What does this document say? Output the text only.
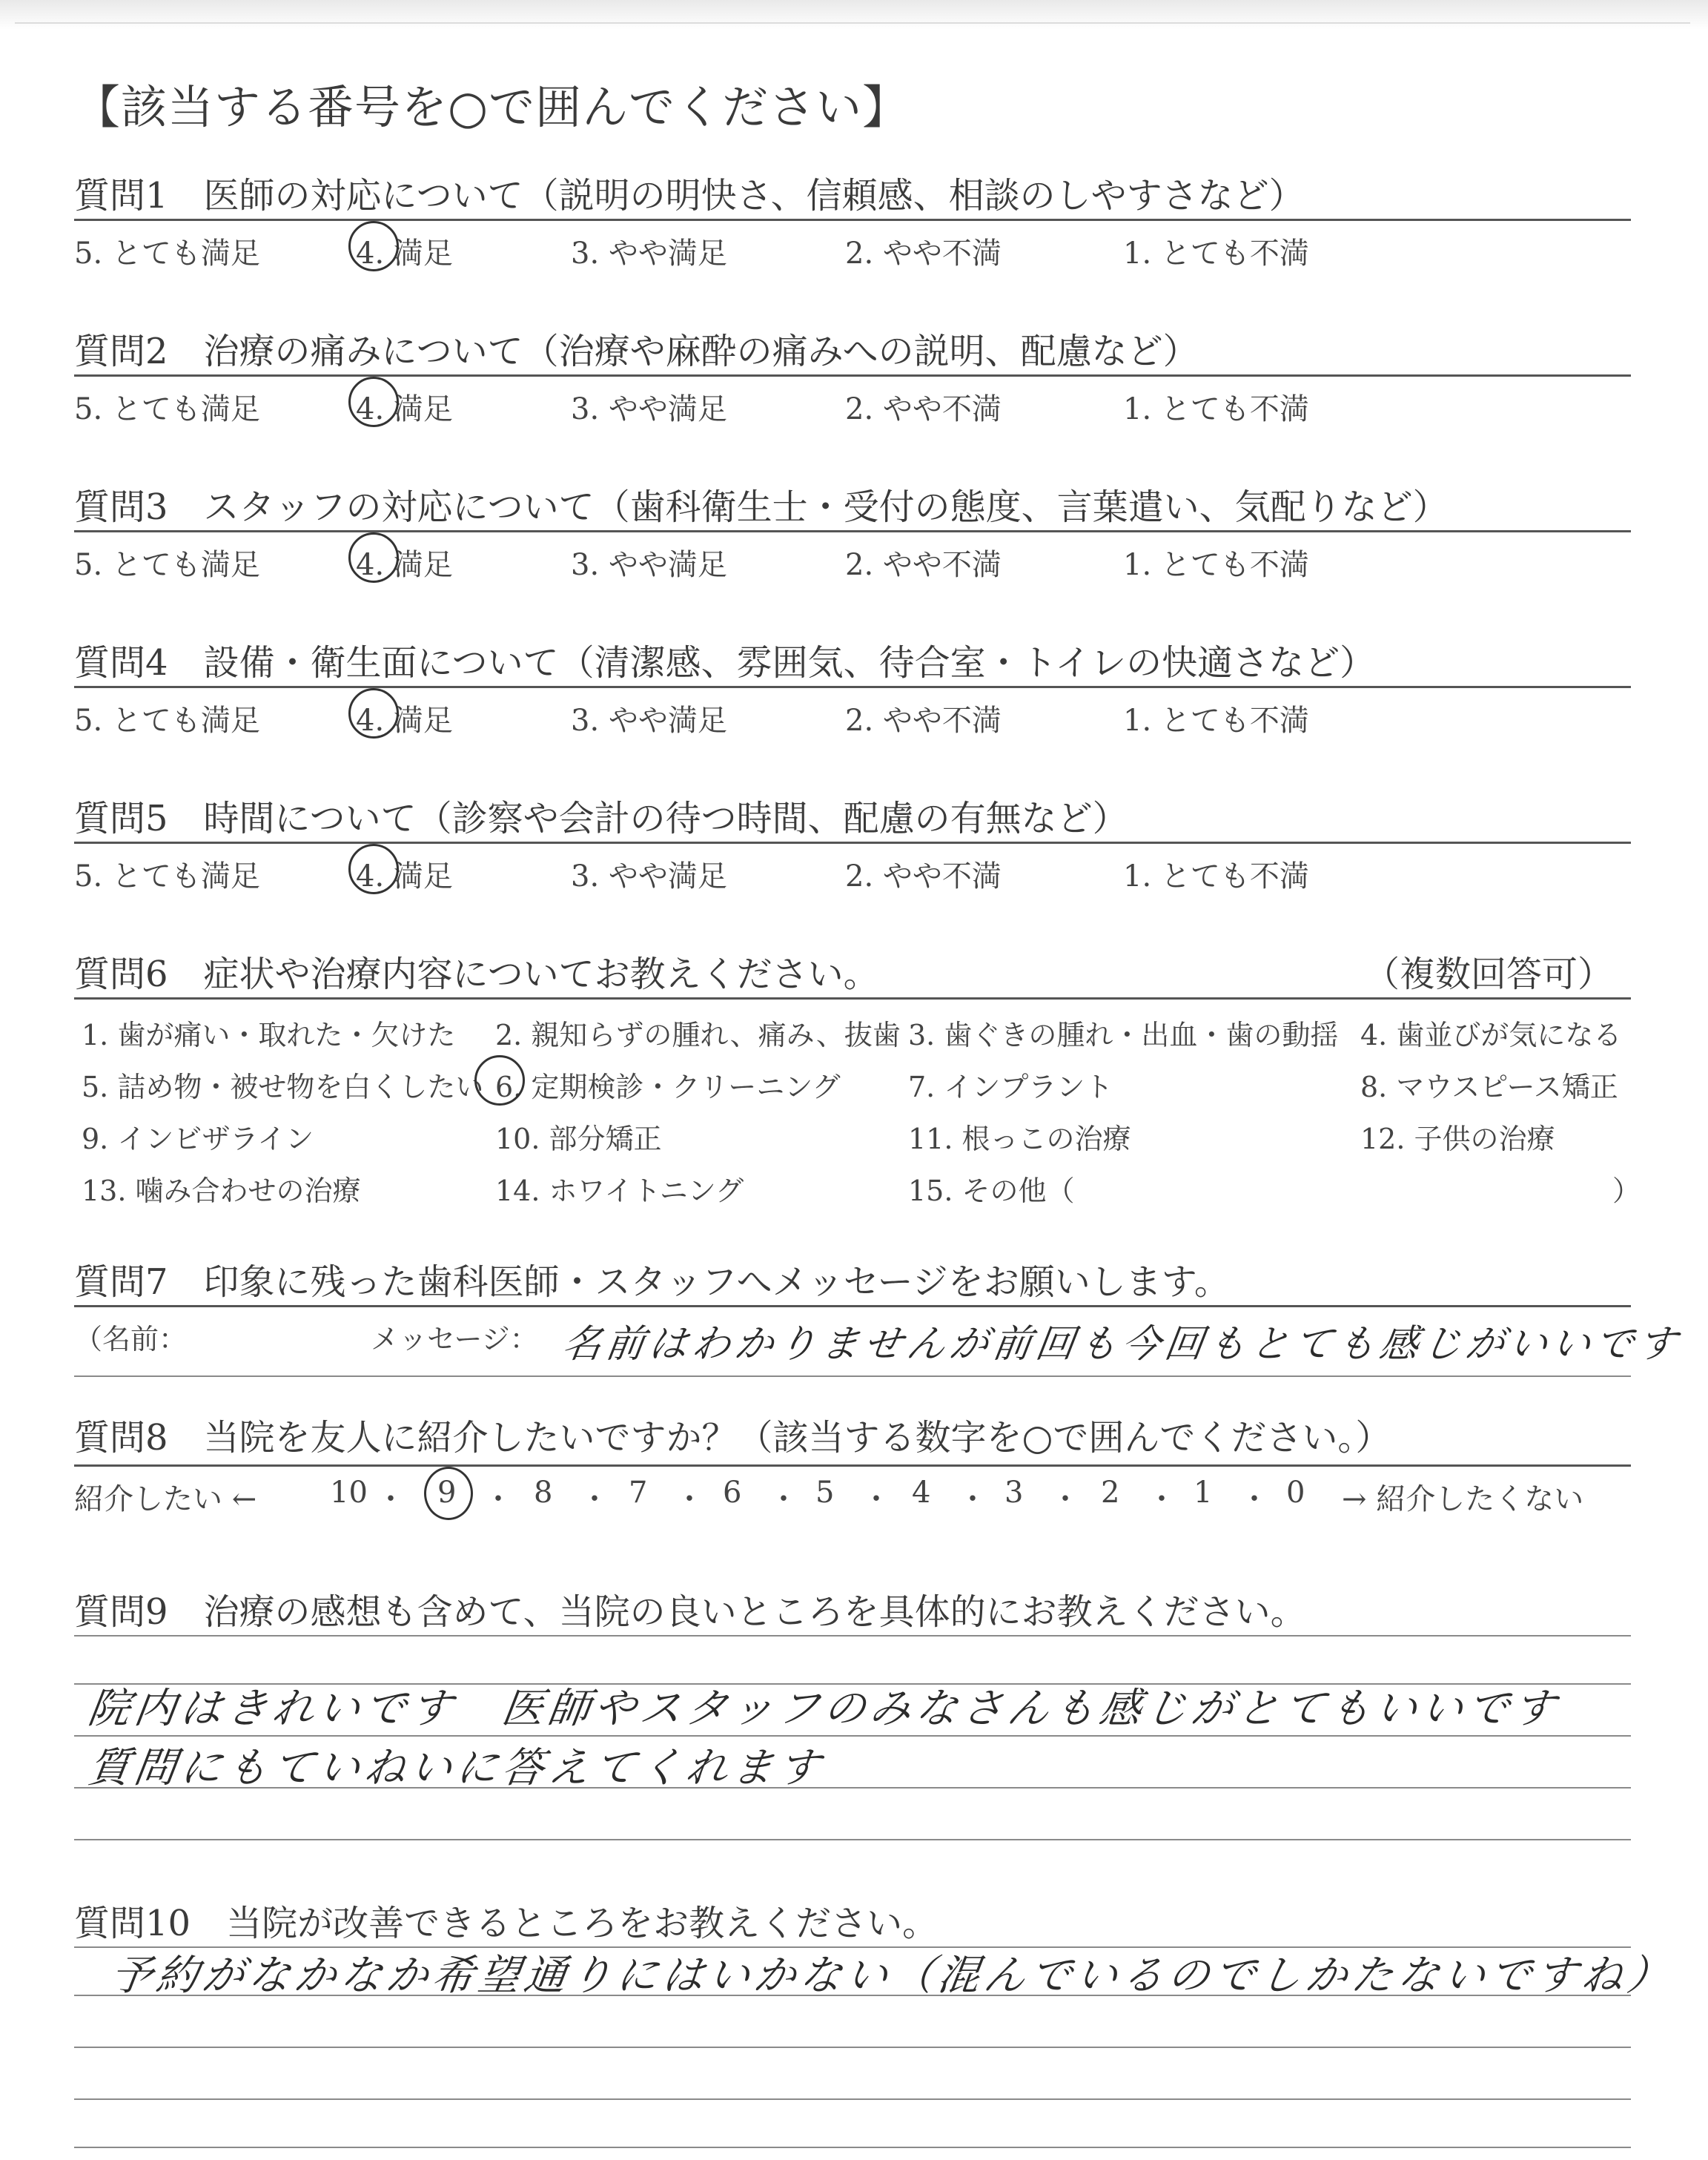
【該当する番号を○で囲んでください】
質問1　医師の対応について（説明の明快さ、信頼感、相談のしやすさなど）
5. とても満足	4. 満足	3. やや満足	2. やや不満	1. とても不満
質問2　治療の痛みについて（治療や麻酔の痛みへの説明、配慮など）
5. とても満足	4. 満足	3. やや満足	2. やや不満	1. とても不満
質問3　スタッフの対応について（歯科衛生士・受付の態度、言葉遣い、気配りなど）
5. とても満足	4. 満足	3. やや満足	2. やや不満	1. とても不満
質問4　設備・衛生面について（清潔感、雰囲気、待合室・トイレの快適さなど）
5. とても満足	4. 満足	3. やや満足	2. やや不満	1. とても不満
質問5　時間について（診察や会計の待つ時間、配慮の有無など）
5. とても満足	4. 満足	3. やや満足	2. やや不満	1. とても不満
質問6　症状や治療内容についてお教えください。	（複数回答可）
1. 歯が痛い・取れた・欠けた 2. 親知らずの腫れ、痛み、抜歯 3. 歯ぐきの腫れ・出血・歯の動揺 4. 歯並びが気になる
5. 詰め物・被せ物を白くしたい 6. 定期検診・クリーニング 7. インプラント	8. マウスピース矯正
9. インビザライン	10. 部分矯正	11. 根っこの治療	12. 子供の治療
13. 噛み合わせの治療	14. ホワイトニング	15. その他（	）
質問7　印象に残った歯科医師・スタッフへメッセージをお願いします。
（名前：	メッセージ： 名前はわかりませんが前回も今回もとても感じがいいです
質問8　当院を友人に紹介したいですか？（該当する数字を○で囲んでください。）
紹介したい ← 10 ・ 9 ・ 8 ・ 7 ・ 6 ・ 5 ・ 4 ・ 3 ・ 2 ・ 1 ・ 0 → 紹介したくない
質問9　治療の感想も含めて、当院の良いところを具体的にお教えください。
院内はきれいです　医師やスタッフのみなさんも感じがとてもいいです
質問にもていねいに答えてくれます
質問10　当院が改善できるところをお教えください。
予約がなかなか希望通りにはいかない（混んでいるのでしかたないですね）
